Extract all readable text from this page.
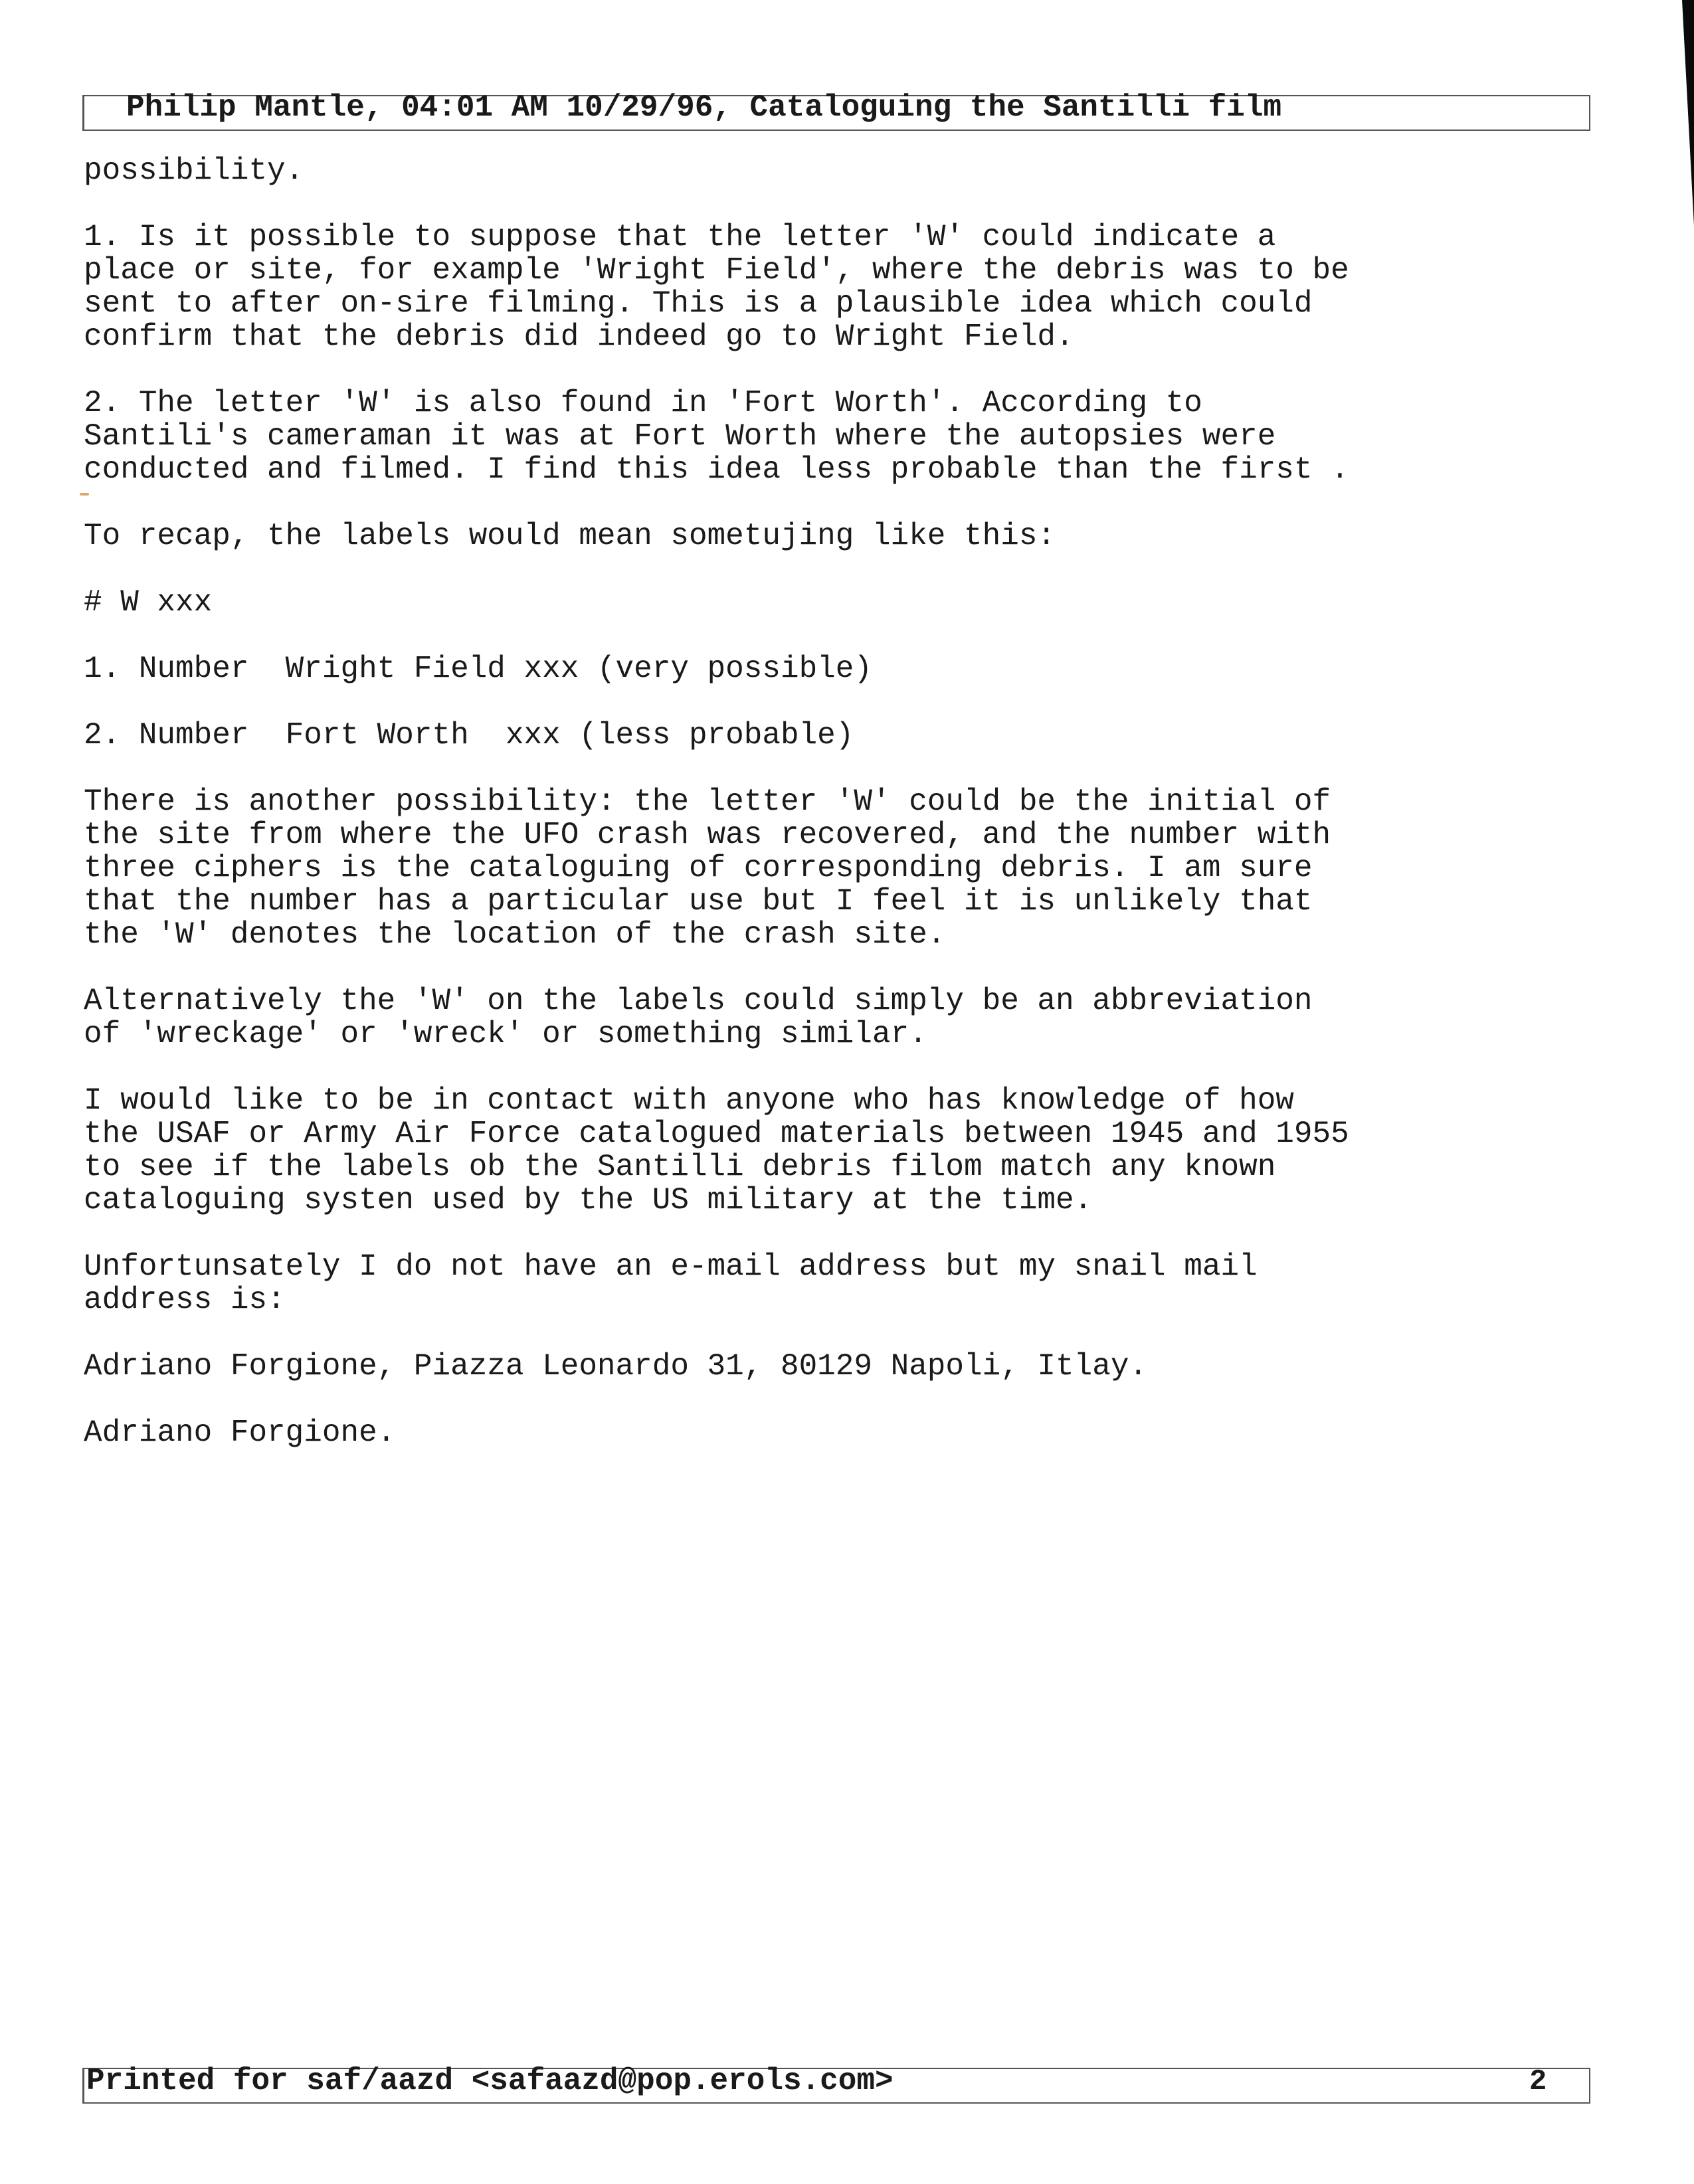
Philip Mantle, 04:01 AM 10/29/96, Cataloguing the Santilli film

possibility.

1. Is it possible to suppose that the letter 'W' could indicate a
place or site, for example 'Wright Field', where the debris was to be
sent to after on-sire filming. This is a plausible idea which could
confirm that the debris did indeed go to Wright Field.

2. The letter 'W' is also found in 'Fort Worth'. According to
Santili's cameraman it was at Fort Worth where the autopsies were
conducted and filmed. I find this idea less probable than the first .

To recap, the labels would mean sometujing like this:

# W xxx

1. Number  Wright Field xxx (very possible)

2. Number  Fort Worth  xxx (less probable)

There is another possibility: the letter 'W' could be the initial of
the site from where the UFO crash was recovered, and the number with
three ciphers is the cataloguing of corresponding debris. I am sure
that the number has a particular use but I feel it is unlikely that
the 'W' denotes the location of the crash site.

Alternatively the 'W' on the labels could simply be an abbreviation
of 'wreckage' or 'wreck' or something similar.

I would like to be in contact with anyone who has knowledge of how
the USAF or Army Air Force catalogued materials between 1945 and 1955
to see if the labels ob the Santilli debris filom match any known
cataloguing systen used by the US military at the time.

Unfortunsately I do not have an e-mail address but my snail mail
address is:

Adriano Forgione, Piazza Leonardo 31, 80129 Napoli, Itlay.

Adriano Forgione.

Printed for saf/aazd <safaazd@pop.erols.com>	2
